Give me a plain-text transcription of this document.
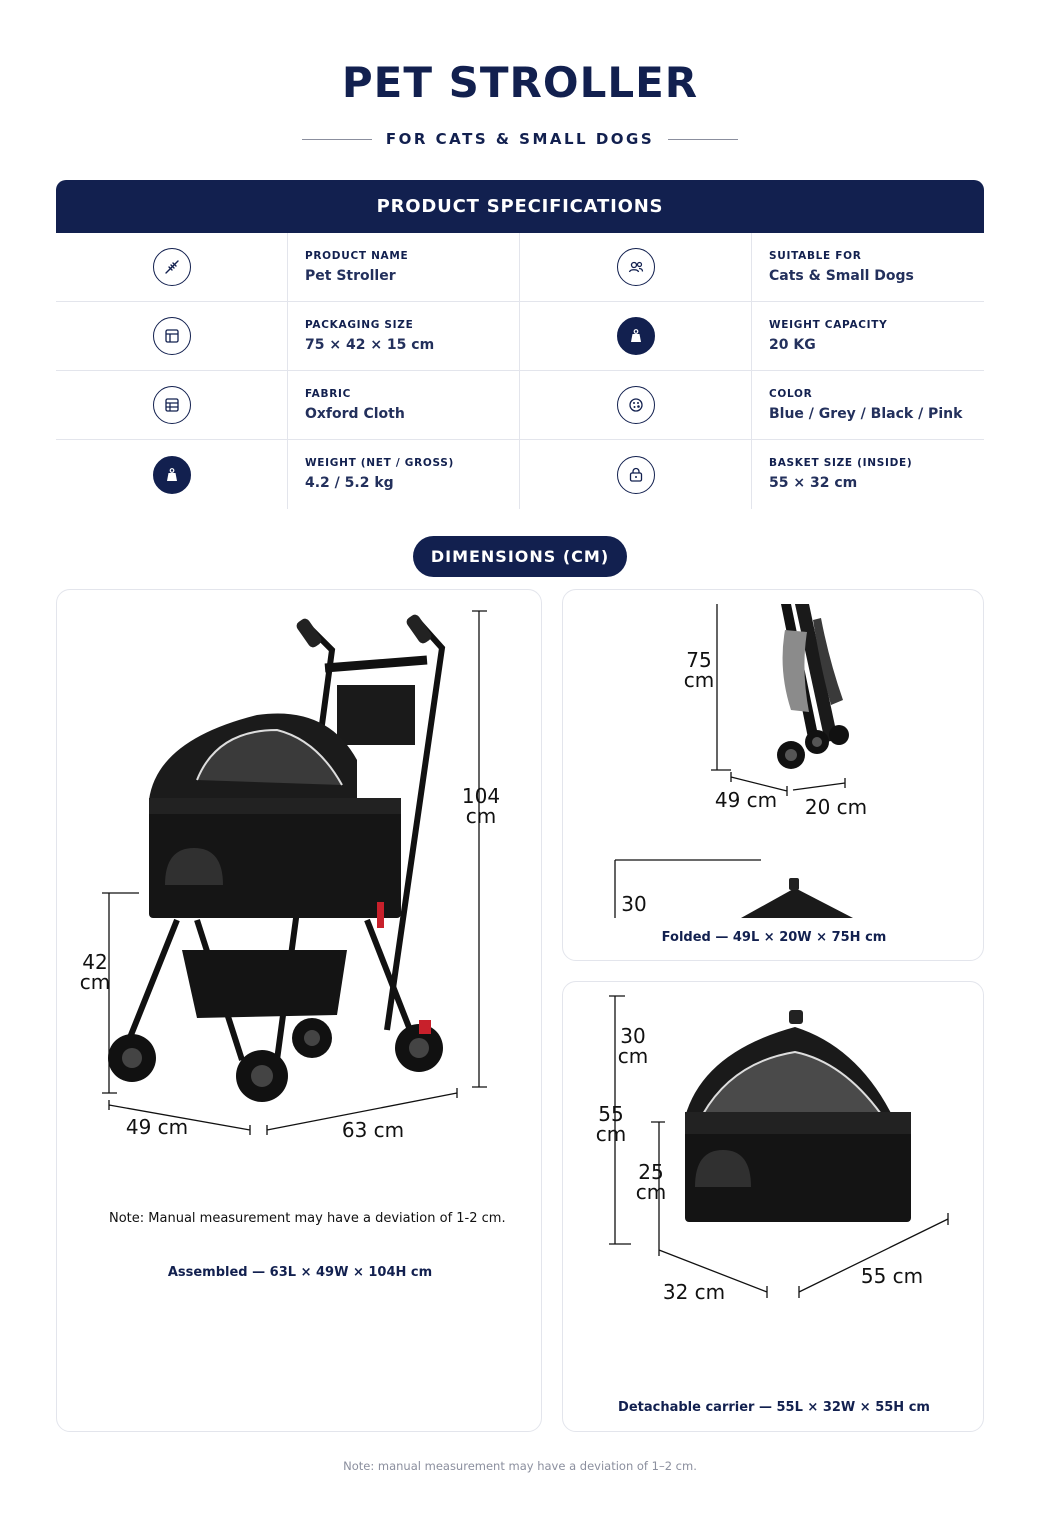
PET STROLLER
FOR CATS & SMALL DOGS
PRODUCT SPECIFICATIONS
PRODUCT NAME
Pet Stroller
SUITABLE FOR
Cats & Small Dogs
PACKAGING SIZE
75 × 42 × 15 cm
WEIGHT CAPACITY
20 KG
FABRIC
Oxford Cloth
COLOR
Blue / Grey / Black / Pink
WEIGHT (NET / GROSS)
4.2 / 5.2 kg
BASKET SIZE (INSIDE)
55 × 32 cm
DIMENSIONS (CM)
104
cm
42
cm
49 cm	63 cm
Note: Manual measurement may have a deviation of 1-2 cm.
Assembled — 63L × 49W × 104H cm
75
cm
49 cm 20 cm
30
Folded — 49L × 20W × 75H cm
30
cm
55
cm
25
cm
32 cm
55 cm
Detachable carrier — 55L × 32W × 55H cm
Note: manual measurement may have a deviation of 1–2 cm.
